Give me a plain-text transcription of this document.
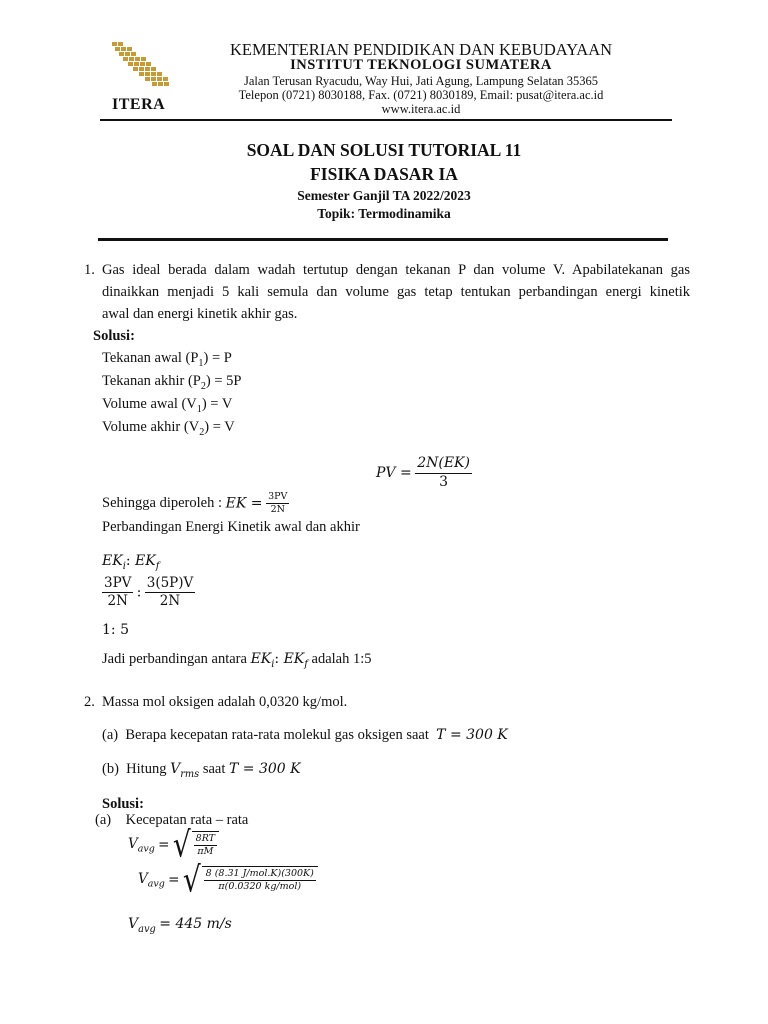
ITERA
KEMENTERIAN PENDIDIKAN DAN KEBUDAYAAN
INSTITUT TEKNOLOGI SUMATERA
Jalan Terusan Ryacudu, Way Hui, Jati Agung, Lampung Selatan 35365
Telepon (0721) 8030188, Fax. (0721) 8030189, Email: pusat@itera.ac.id
www.itera.ac.id
SOAL DAN SOLUSI TUTORIAL 11
FISIKA DASAR IA
Semester Ganjil TA 2022/2023
Topik: Termodinamika
1. Gas ideal berada dalam wadah tertutup dengan tekanan P dan volume V. Apabilatekanan gas
dinaikkan menjadi 5 kali semula dan volume gas tetap tentukan perbandingan energi kinetik
awal dan energi kinetik akhir gas.
Solusi:
Tekanan awal $(P_1) = P$
Tekanan akhir $(P_2) = 5P$
Volume awal $(V_1) = V$
Volume akhir $(V_2) = V$
PV = $\frac{2N(EK)}{3}$
Sehingga diperoleh : EK = $\frac{3PV}{2N}$
Perbandingan Energi Kinetik awal dan akhir
$EK_i$: $EK_f$
$\frac{3PV}{2N}$ : $\frac{3(5P)V}{2N}$
1: 5
Jadi perbandingan antara $EK_i$: $EK_f$ adalah 1:5
2. Massa mol oksigen adalah 0,0320 kg/mol.
(a) Berapa kecepatan rata-rata molekul gas oksigen saat T = 300 K
(b) Hitung $V_{rms}$ saat T = 300 K
Solusi:
(a) Kecepatan rata – rata
$V_{avg}$ = √ $\frac{8RT}{\pi M}$
$V_{avg}$ = √ $\frac{\text{8 (8.31 J/mol.K)(300K)}}{\text{π(0.0320 kg/mol)}}$
$V_{avg} = 445$ m/s
